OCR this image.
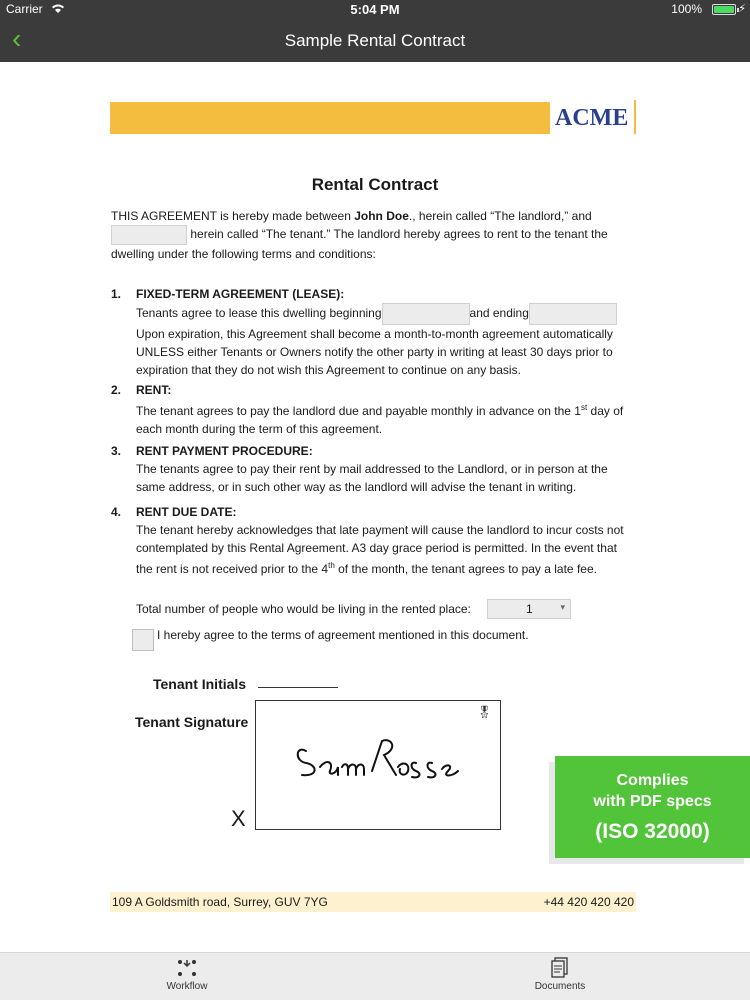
Carrier	5:04 PM	100%	⚡
‹	Sample Rental Contract
ACME
Rental Contract
THIS AGREEMENT is hereby made between John Doe., herein called “The landlord,” and
herein called “The tenant.” The landlord hereby agrees to rent to the tenant the
dwelling under the following terms and conditions:
1. FIXED-TERM AGREEMENT (LEASE):
Tenants agree to lease this dwelling beginning	and ending
Upon expiration, this Agreement shall become a month-to-month agreement automatically UNLESS either Tenants or Owners notify the other party in writing at least 30 days prior to expiration that they do not wish this Agreement to continue on any basis.
2. RENT:
The tenant agrees to pay the landlord due and payable monthly in advance on the 1st day of each month during the term of this agreement.
3. RENT PAYMENT PROCEDURE:
The tenants agree to pay their rent by mail addressed to the Landlord, or in person at the same address, or in such other way as the landlord will advise the tenant in writing.
4. RENT DUE DATE:
The tenant hereby acknowledges that late payment will cause the landlord to incur costs not contemplated by this Rental Agreement. A3 day grace period is permitted. In the event that the rent is not received prior to the 4th of the month, the tenant agrees to pay a late fee.
Total number of people who would be living in the rented place:	1	▾
I hereby agree to the terms of agreement mentioned in this document.
Tenant Initials
Tenant Signature
🎖
X
Complies
with PDF specs
(ISO 32000)
109 A Goldsmith road, Surrey, GUV 7YG	+44 420 420 420
Workflow	Documents
